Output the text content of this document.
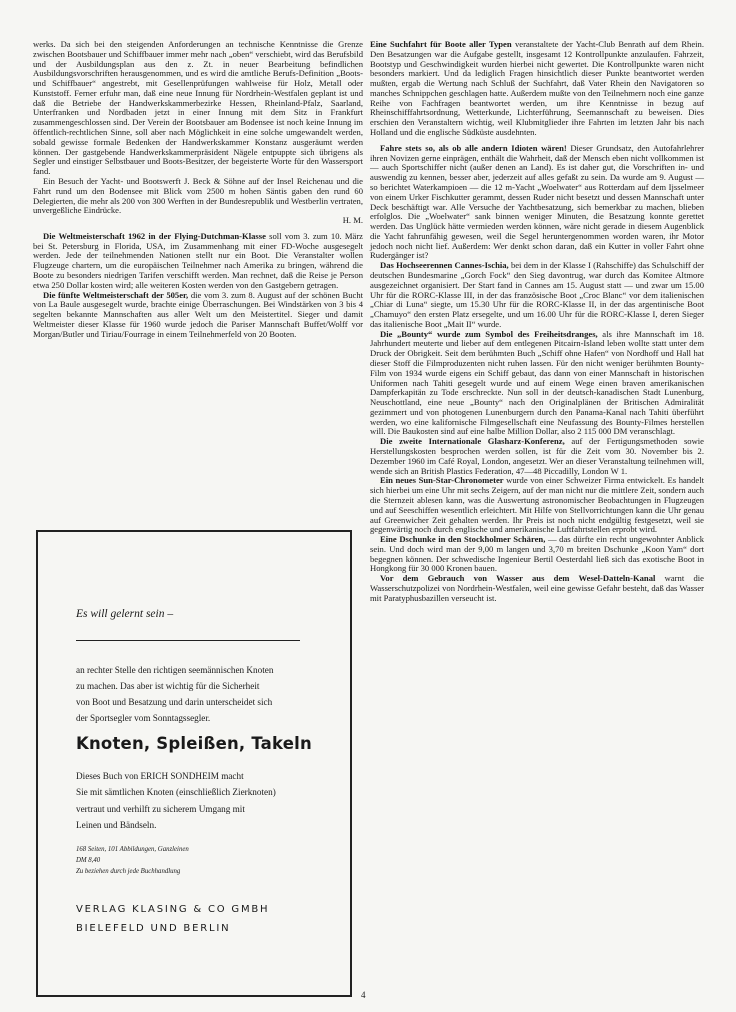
werks. Da sich bei den steigenden Anforderungen an technische Kenntnisse die Grenze zwischen Bootsbauer und Schiffbauer immer mehr nach „oben“ verschiebt, wird das Berufsbild und der Ausbildungsplan aus den z. Zt. in neuer Bearbeitung befindlichen Ausbildungsvorschriften herausgenommen, und es wird die amtliche Berufs-Definition „Boots- und Schiffbauer“ angestrebt, mit Gesellenprüfungen wahlweise für Holz, Metall oder Kunststoff. Ferner erfuhr man, daß eine neue Innung für Nordrhein-Westfalen geplant ist und daß die Betriebe der Handwerkskammerbezirke Hessen, Rheinland-Pfalz, Saarland, Unterfranken und Nordbaden jetzt in einer Innung mit dem Sitz in Frankfurt zusammengeschlossen sind. Der Verein der Bootsbauer am Bodensee ist noch keine Innung im öffentlich-rechtlichen Sinne, soll aber nach Möglichkeit in eine solche umgewandelt werden, sobald gewisse formale Bedenken der Handwerkskammer Konstanz ausgeräumt werden können. Der gastgebende Handwerkskammerpräsident Nägele entpuppte sich übrigens als Segler und einstiger Selbstbauer und Boots-Besitzer, der begeisterte Worte für den Wassersport fand.

Ein Besuch der Yacht- und Bootswerft J. Beck & Söhne auf der Insel Reichenau und die Fahrt rund um den Bodensee mit Blick vom 2500 m hohen Säntis gaben den rund 60 Delegierten, die mehr als 200 von 300 Werften in der Bundesrepublik und Westberlin vertraten, unvergeßliche Eindrücke.

H. M.

Die Weltmeisterschaft 1962 in der Flying-Dutchman-Klasse soll vom 3. zum 10. März bei St. Petersburg in Florida, USA, im Zusammenhang mit einer FD-Woche ausgesegelt werden. Jede der teilnehmenden Nationen stellt nur ein Boot. Die Veranstalter wollen Flugzeuge chartern, um die europäischen Teilnehmer nach Amerika zu bringen, während die Boote zu besonders niedrigen Tarifen verschifft werden. Man rechnet, daß die Reise je Person etwa 250 Dollar kosten wird; alle weiteren Kosten werden von den Gastgebern getragen.

Die fünfte Weltmeisterschaft der 505er, die vom 3. zum 8. August auf der schönen Bucht von La Baule ausgesegelt wurde, brachte einige Überraschungen. Bei Windstärken von 3 bis 4 segelten bekannte Mannschaften aus aller Welt um den Meistertitel. Sieger und damit Weltmeister dieser Klasse für 1960 wurde jedoch die Pariser Mannschaft Buffet/Wolff vor Morgan/Butler und Tiriau/Fourrage in einem Teilnehmerfeld von 20 Booten.

Es will gelernt sein –
an rechter Stelle den richtigen seemännischen Knoten
zu machen. Das aber ist wichtig für die Sicherheit
von Boot und Besatzung und darin unterscheidet sich
der Sportsegler vom Sonntagssegler.
Knoten, Spleißen, Takeln
Dieses Buch von ERICH SONDHEIM macht
Sie mit sämtlichen Knoten (einschließlich Zierknoten)
vertraut und verhilft zu sicherem Umgang mit
Leinen und Bändseln.
168 Seiten, 101 Abbildungen, Ganzleinen
DM 8,40
Zu beziehen durch jede Buchhandlung
VERLAG KLASING & CO GMBH
BIELEFELD UND BERLIN

Eine Suchfahrt für Boote aller Typen veranstaltete der Yacht-Club Benrath auf dem Rhein. Den Besatzungen war die Aufgabe gestellt, insgesamt 12 Kontrollpunkte anzulaufen. Fahrzeit, Bootstyp und Geschwindigkeit wurden hierbei nicht gewertet. Die Kontrollpunkte waren nicht besonders markiert. Und da lediglich Fragen hinsichtlich dieser Punkte beantwortet werden mußten, ergab die Wertung nach Schluß der Suchfahrt, daß Vater Rhein den Navigatoren so manches Schnippchen geschlagen hatte. Außerdem mußte von den Teilnehmern noch eine ganze Reihe von Fachfragen beantwortet werden, um ihre Kenntnisse in bezug auf Rheinschifffahrtsordnung, Wetterkunde, Lichterführung, Seemannschaft zu beweisen. Dies erschien den Veranstaltern wichtig, weil Klubmitglieder ihre Fahrten im letzten Jahr bis nach Holland und die englische Südküste ausdehnten.

Fahre stets so, als ob alle andern Idioten wären! Dieser Grundsatz, den Autofahrlehrer ihren Novizen gerne einprägen, enthält die Wahrheit, daß der Mensch eben nicht vollkommen ist — auch Sportschiffer nicht (außer denen an Land). Es ist daher gut, die Vorschriften in- und auswendig zu kennen, besser aber, jederzeit auf alles gefaßt zu sein. Da wurde am 9. August — so berichtet Waterkampioen — die 12 m-Yacht „Woelwater“ aus Rotterdam auf dem Ijsselmeer von einem Urker Fischkutter gerammt, dessen Ruder nicht besetzt und dessen Mannschaft unter Deck beschäftigt war. Alle Versuche der Yachtbesatzung, sich bemerkbar zu machen, blieben erfolglos. Die „Woelwater“ sank binnen weniger Minuten, die Besatzung konnte gerettet werden. Das Unglück hätte vermieden werden können, wäre nicht gerade in diesem Augenblick die Yacht fahrunfähig gewesen, weil die Segel heruntergenommen worden waren, ihr Motor jedoch noch nicht lief. Außerdem: Wer denkt schon daran, daß ein Kutter in voller Fahrt ohne Rudergänger ist?

Das Hochseerennen Cannes-Ischia, bei dem in der Klasse I (Rahschiffe) das Schulschiff der deutschen Bundesmarine „Gorch Fock“ den Sieg davontrug, war durch das Komitee Altmore ausgezeichnet organisiert. Der Start fand in Cannes am 15. August statt — und zwar um 15.00 Uhr für die RORC-Klasse III, in der das französische Boot „Croc Blanc“ vor dem italienischen „Chiar di Luna“ siegte, um 15.30 Uhr für die RORC-Klasse II, in der das argentinische Boot „Chamuyo“ den ersten Platz ersegelte, und um 16.00 Uhr für die RORC-Klasse I, deren Sieger das italienische Boot „Mait II“ wurde.

Die „Bounty“ wurde zum Symbol des Freiheitsdranges, als ihre Mannschaft im 18. Jahrhundert meuterte und lieber auf dem entlegenen Pitcairn-Island leben wollte statt unter dem Druck der Obrigkeit. Seit dem berühmten Buch „Schiff ohne Hafen“ von Nordhoff und Hall hat dieser Stoff die Filmproduzenten nicht ruhen lassen. Für den nicht weniger berühmten Bounty-Film von 1934 wurde eigens ein Schiff gebaut, das dann von einer Mannschaft in historischen Uniformen nach Tahiti gesegelt wurde und auf einem Wege einen braven amerikanischen Dampferkapitän zu Tode erschreckte. Nun soll in der deutsch-kanadischen Stadt Lunenburg, Neuschottland, eine neue „Bounty“ nach den Originalplänen der Britischen Admiralität gezimmert und von photogenen Lunenburgern durch den Panama-Kanal nach Tahiti überführt werden, wo eine kalifornische Filmgesellschaft eine Neufassung des Bounty-Filmes herstellen will. Die Baukosten sind auf eine halbe Million Dollar, also 2 115 000 DM veranschlagt.

Die zweite Internationale Glasharz-Konferenz, auf der Fertigungsmethoden sowie Herstellungskosten besprochen werden sollen, ist für die Zeit vom 30. November bis 2. Dezember 1960 im Café Royal, London, angesetzt. Wer an dieser Veranstaltung teilnehmen will, wende sich an British Plastics Federation, 47—48 Piccadilly, London W 1.

Ein neues Sun-Star-Chronometer wurde von einer Schweizer Firma entwickelt. Es handelt sich hierbei um eine Uhr mit sechs Zeigern, auf der man nicht nur die mittlere Zeit, sondern auch die Sternzeit ablesen kann, was die Auswertung astronomischer Beobachtungen in Flugzeugen und auf Seeschiffen wesentlich erleichtert. Mit Hilfe von Stellvorrichtungen kann die Uhr genau auf Greenwicher Zeit gehalten werden. Ihr Preis ist noch nicht endgültig festgesetzt, weil sie gegenwärtig noch durch englische und amerikanische Luftfahrtstellen erprobt wird.

Eine Dschunke in den Stockholmer Schären, — das dürfte ein recht ungewohnter Anblick sein. Und doch wird man der 9,00 m langen und 3,70 m breiten Dschunke „Koon Yam“ dort begegnen können. Der schwedische Ingenieur Bertil Oesterdahl ließ sich das exotische Boot in Hongkong für 30 000 Kronen bauen.

Vor dem Gebrauch von Wasser aus dem Wesel-Datteln-Kanal warnt die Wasserschutzpolizei von Nordrhein-Westfalen, weil eine gewisse Gefahr besteht, daß das Wasser mit Paratyphusbazillen verseucht ist.

4
